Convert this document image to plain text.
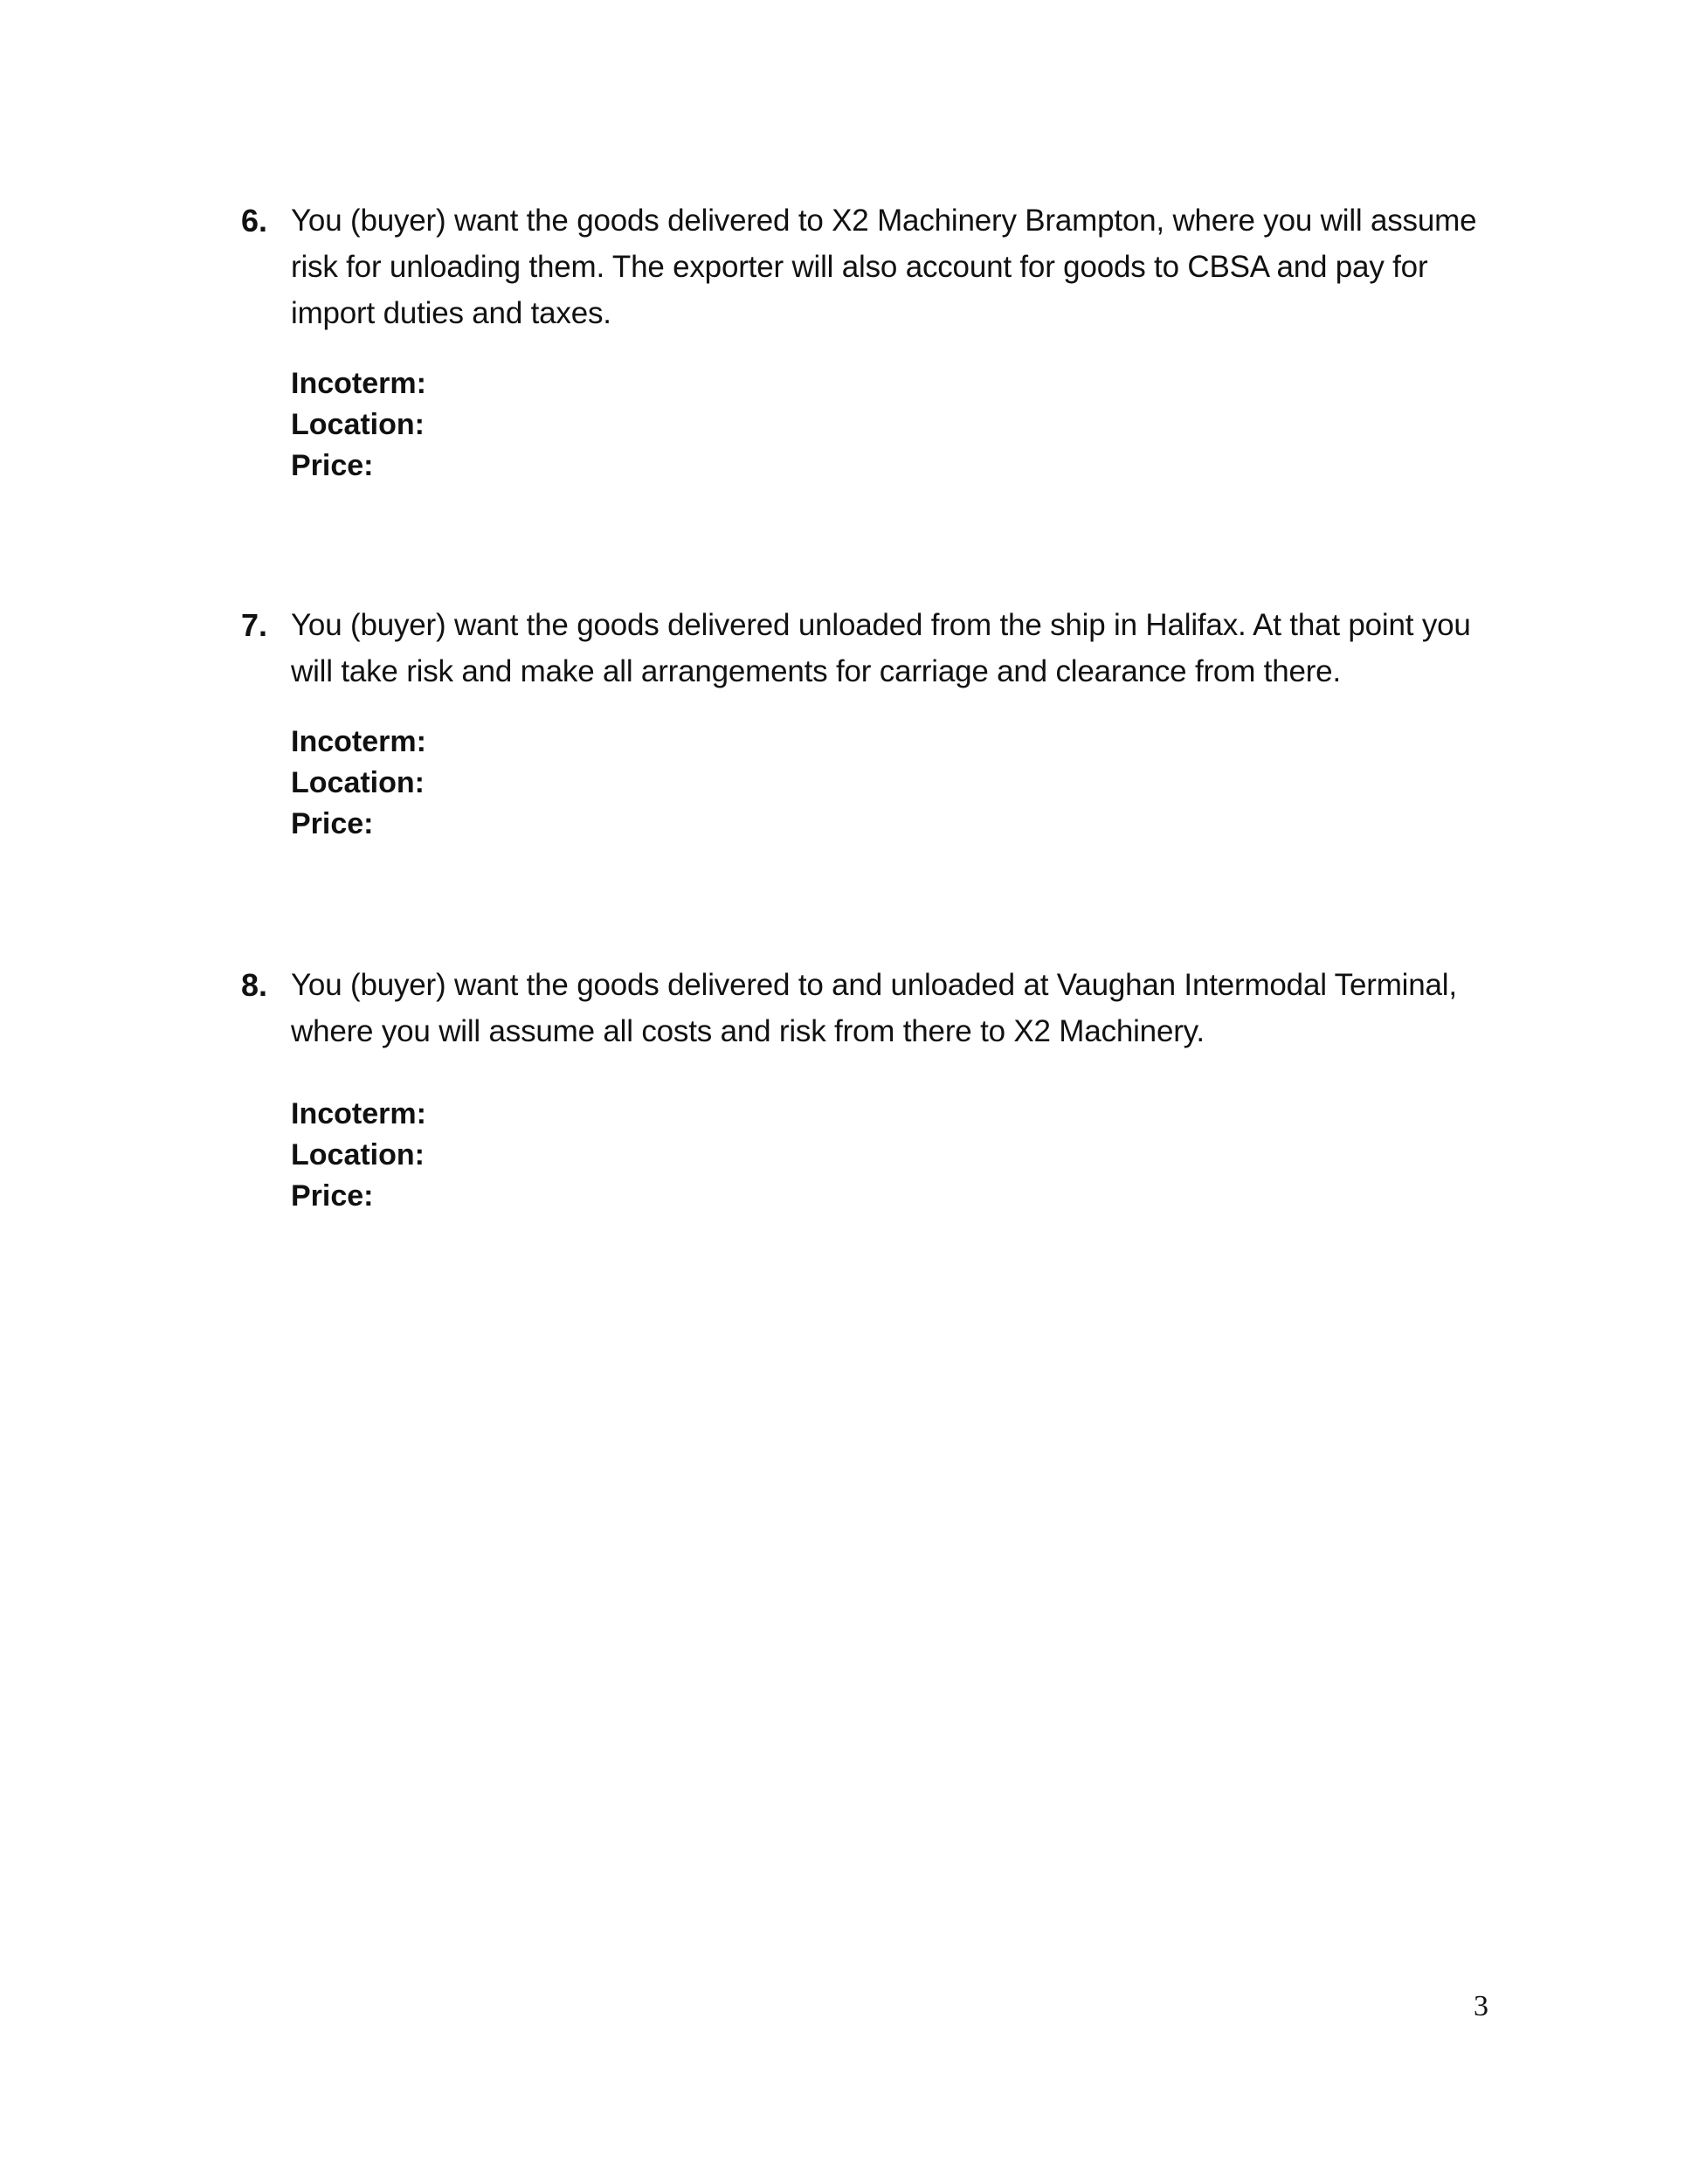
6. You (buyer) want the goods delivered to X2 Machinery Brampton, where you will assume
risk for unloading them. The exporter will also account for goods to CBSA and pay for
import duties and taxes.
Incoterm:
Location:
Price:
7. You (buyer) want the goods delivered unloaded from the ship in Halifax. At that point you
will take risk and make all arrangements for carriage and clearance from there.
Incoterm:
Location:
Price:
8. You (buyer) want the goods delivered to and unloaded at Vaughan Intermodal Terminal,
where you will assume all costs and risk from there to X2 Machinery.
Incoterm:
Location:
Price:
3
